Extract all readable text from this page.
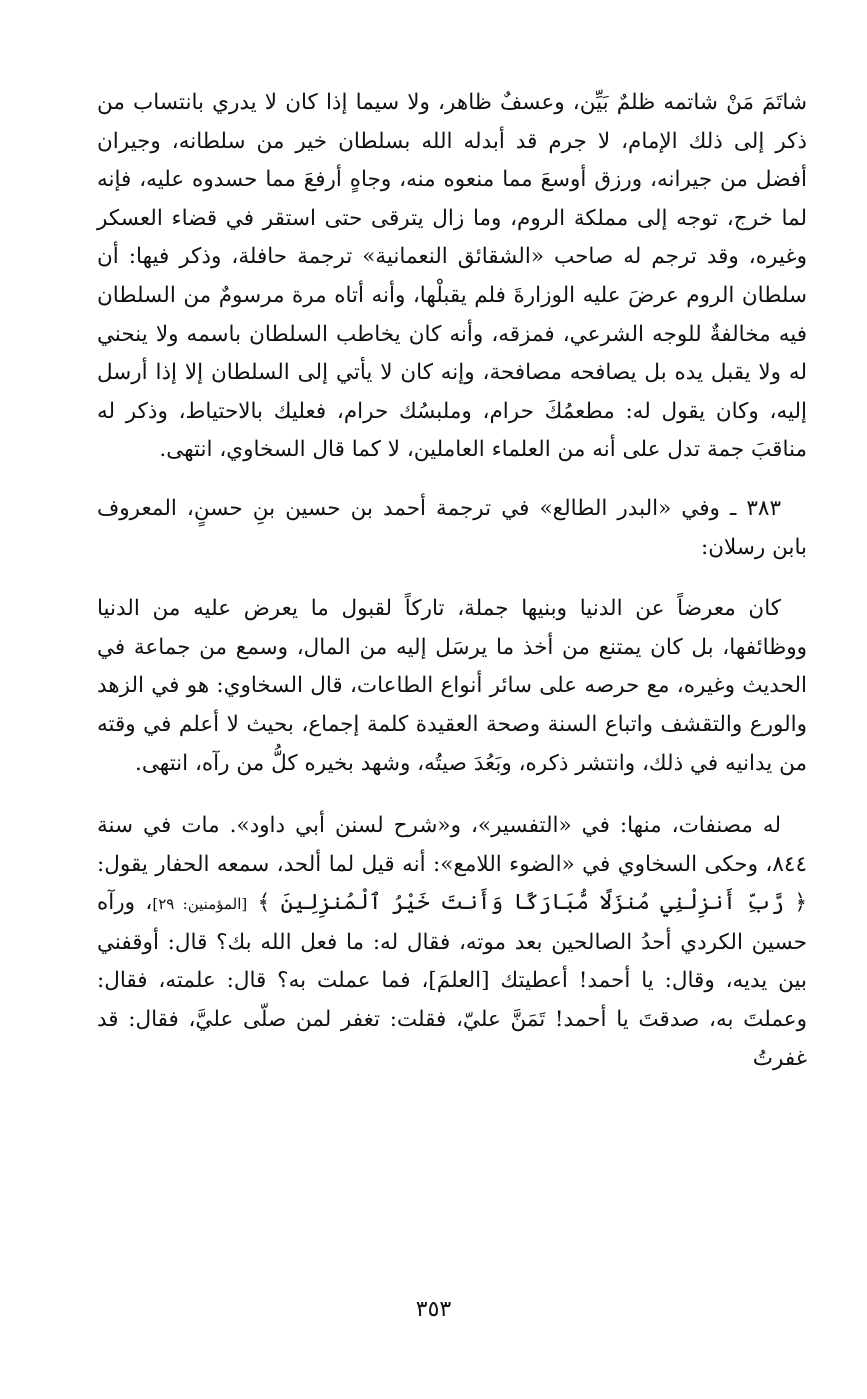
شاتَمَ مَنْ شاتمه ظلمٌ بَيِّن، وعسفٌ ظاهر، ولا سيما إذا كان لا يدري بانتساب من ذكر إلى ذلك الإمام، لا جرم قد أبدله الله بسلطان خير من سلطانه، وجيران أفضل من جيرانه، ورزق أوسعَ مما منعوه منه، وجاهٍ أرفعَ مما حسدوه عليه، فإنه لما خرج، توجه إلى مملكة الروم، وما زال يترقى حتى استقر في قضاء العسكر وغيره، وقد ترجم له صاحب «الشقائق النعمانية» ترجمة حافلة، وذكر فيها: أن سلطان الروم عرضَ عليه الوزارةَ فلم يقبلْها، وأنه أتاه مرة مرسومٌ من السلطان فيه مخالفةٌ للوجه الشرعي، فمزقه، وأنه كان يخاطب السلطان باسمه ولا ينحني له ولا يقبل يده بل يصافحه مصافحة، وإنه كان لا يأتي إلى السلطان إلا إذا أرسل إليه، وكان يقول له: مطعمُكَ حرام، وملبسُك حرام، فعليك بالاحتياط، وذكر له مناقبَ جمة تدل على أنه من العلماء العاملين، لا كما قال السخاوي، انتهى.

٣٨٣ ـ وفي «البدر الطالع» في ترجمة أحمد بن حسين بنِ حسنٍ، المعروف بابن رسلان:

كان معرضاً عن الدنيا وبنيها جملة، تاركاً لقبول ما يعرض عليه من الدنيا ووظائفها، بل كان يمتنع من أخذ ما يرسَل إليه من المال، وسمع من جماعة في الحديث وغيره، مع حرصه على سائر أنواع الطاعات، قال السخاوي: هو في الزهد والورع والتقشف واتباع السنة وصحة العقيدة كلمة إجماع، بحيث لا أعلم في وقته من يدانيه في ذلك، وانتشر ذكره، وبَعُدَ صيتُه، وشهد بخيره كلُّ من رآه، انتهى.

له مصنفات، منها: في «التفسير»، و«شرح لسنن أبي داود». مات في سنة ٨٤٤، وحكى السخاوي في «الضوء اللامع»: أنه قيل لما ألحد، سمعه الحفار يقول: ﴿ رَّبِّ أَنزِلْنِي مُنزَلًا مُّبَارَكًا وَأَنتَ خَيْرُ ٱلْمُنزِلِينَ ﴾ [المؤمنين: ٢٩]، ورآه حسين الكردي أحدُ الصالحين بعد موته، فقال له: ما فعل الله بك؟ قال: أوقفني بين يديه، وقال: يا أحمد! أعطيتك [العلمَ]، فما عملت به؟ قال: علمته، فقال: وعملتَ به، صدقتَ يا أحمد! تَمَنَّ عليّ، فقلت: تغفر لمن صلّى عليَّ، فقال: قد غفرتُ

٣٥٣
